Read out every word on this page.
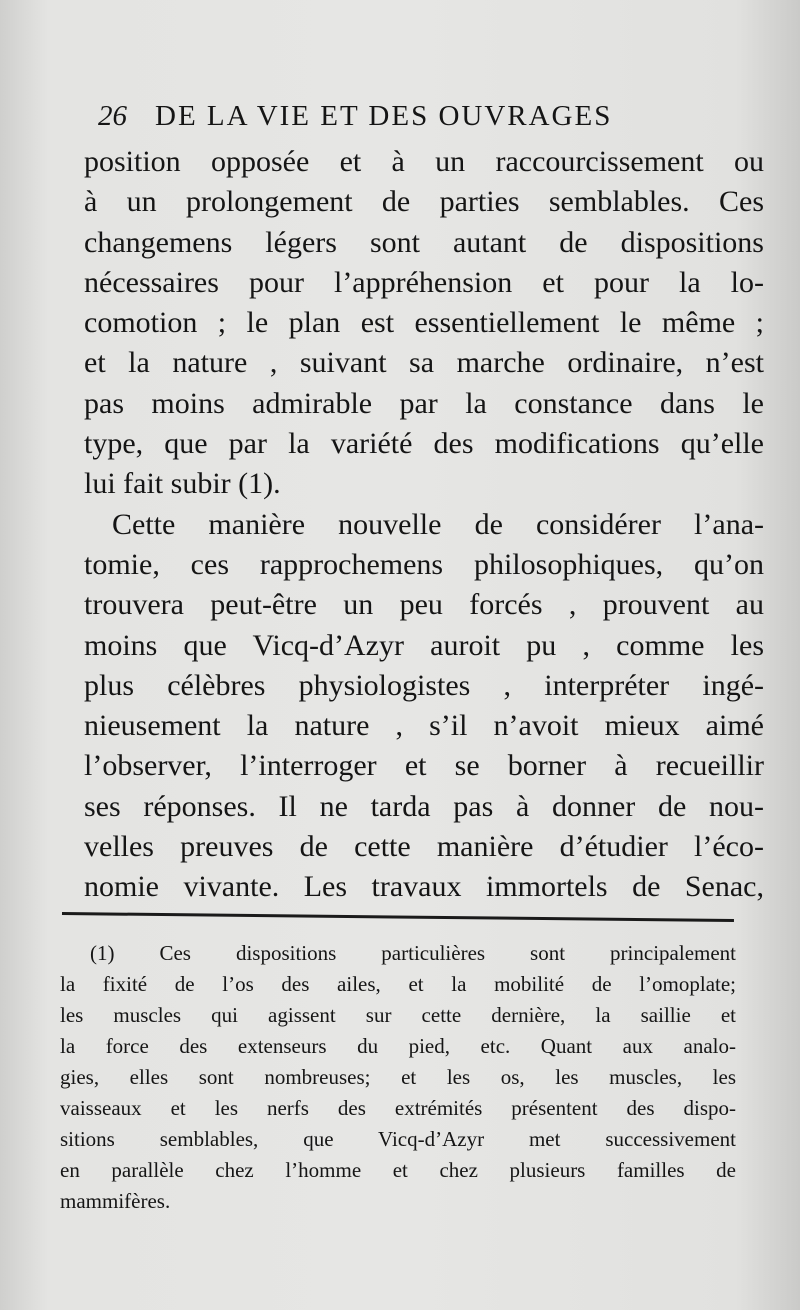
26 DE LA VIE ET DES OUVRAGES
position opposée et à un raccourcissement ou
à un prolongement de parties semblables. Ces
changemens légers sont autant de dispositions
nécessaires pour l’appréhension et pour la lo-
comotion ; le plan est essentiellement le même ;
et la nature , suivant sa marche ordinaire, n’est
pas moins admirable par la constance dans le
type, que par la variété des modifications qu’elle
lui fait subir (1).
Cette manière nouvelle de considérer l’ana-
tomie, ces rapprochemens philosophiques, qu’on
trouvera peut-être un peu forcés , prouvent au
moins que Vicq-d’Azyr auroit pu , comme les
plus célèbres physiologistes , interpréter ingé-
nieusement la nature , s’il n’avoit mieux aimé
l’observer, l’interroger et se borner à recueillir
ses réponses. Il ne tarda pas à donner de nou-
velles preuves de cette manière d’étudier l’éco-
nomie vivante. Les travaux immortels de Senac,
(1) Ces dispositions particulières sont principalement
la fixité de l’os des ailes, et la mobilité de l’omoplate;
les muscles qui agissent sur cette dernière, la saillie et
la force des extenseurs du pied, etc. Quant aux analo-
gies, elles sont nombreuses; et les os, les muscles, les
vaisseaux et les nerfs des extrémités présentent des dispo-
sitions semblables, que Vicq-d’Azyr met successivement
en parallèle chez l’homme et chez plusieurs familles de
mammifères.
